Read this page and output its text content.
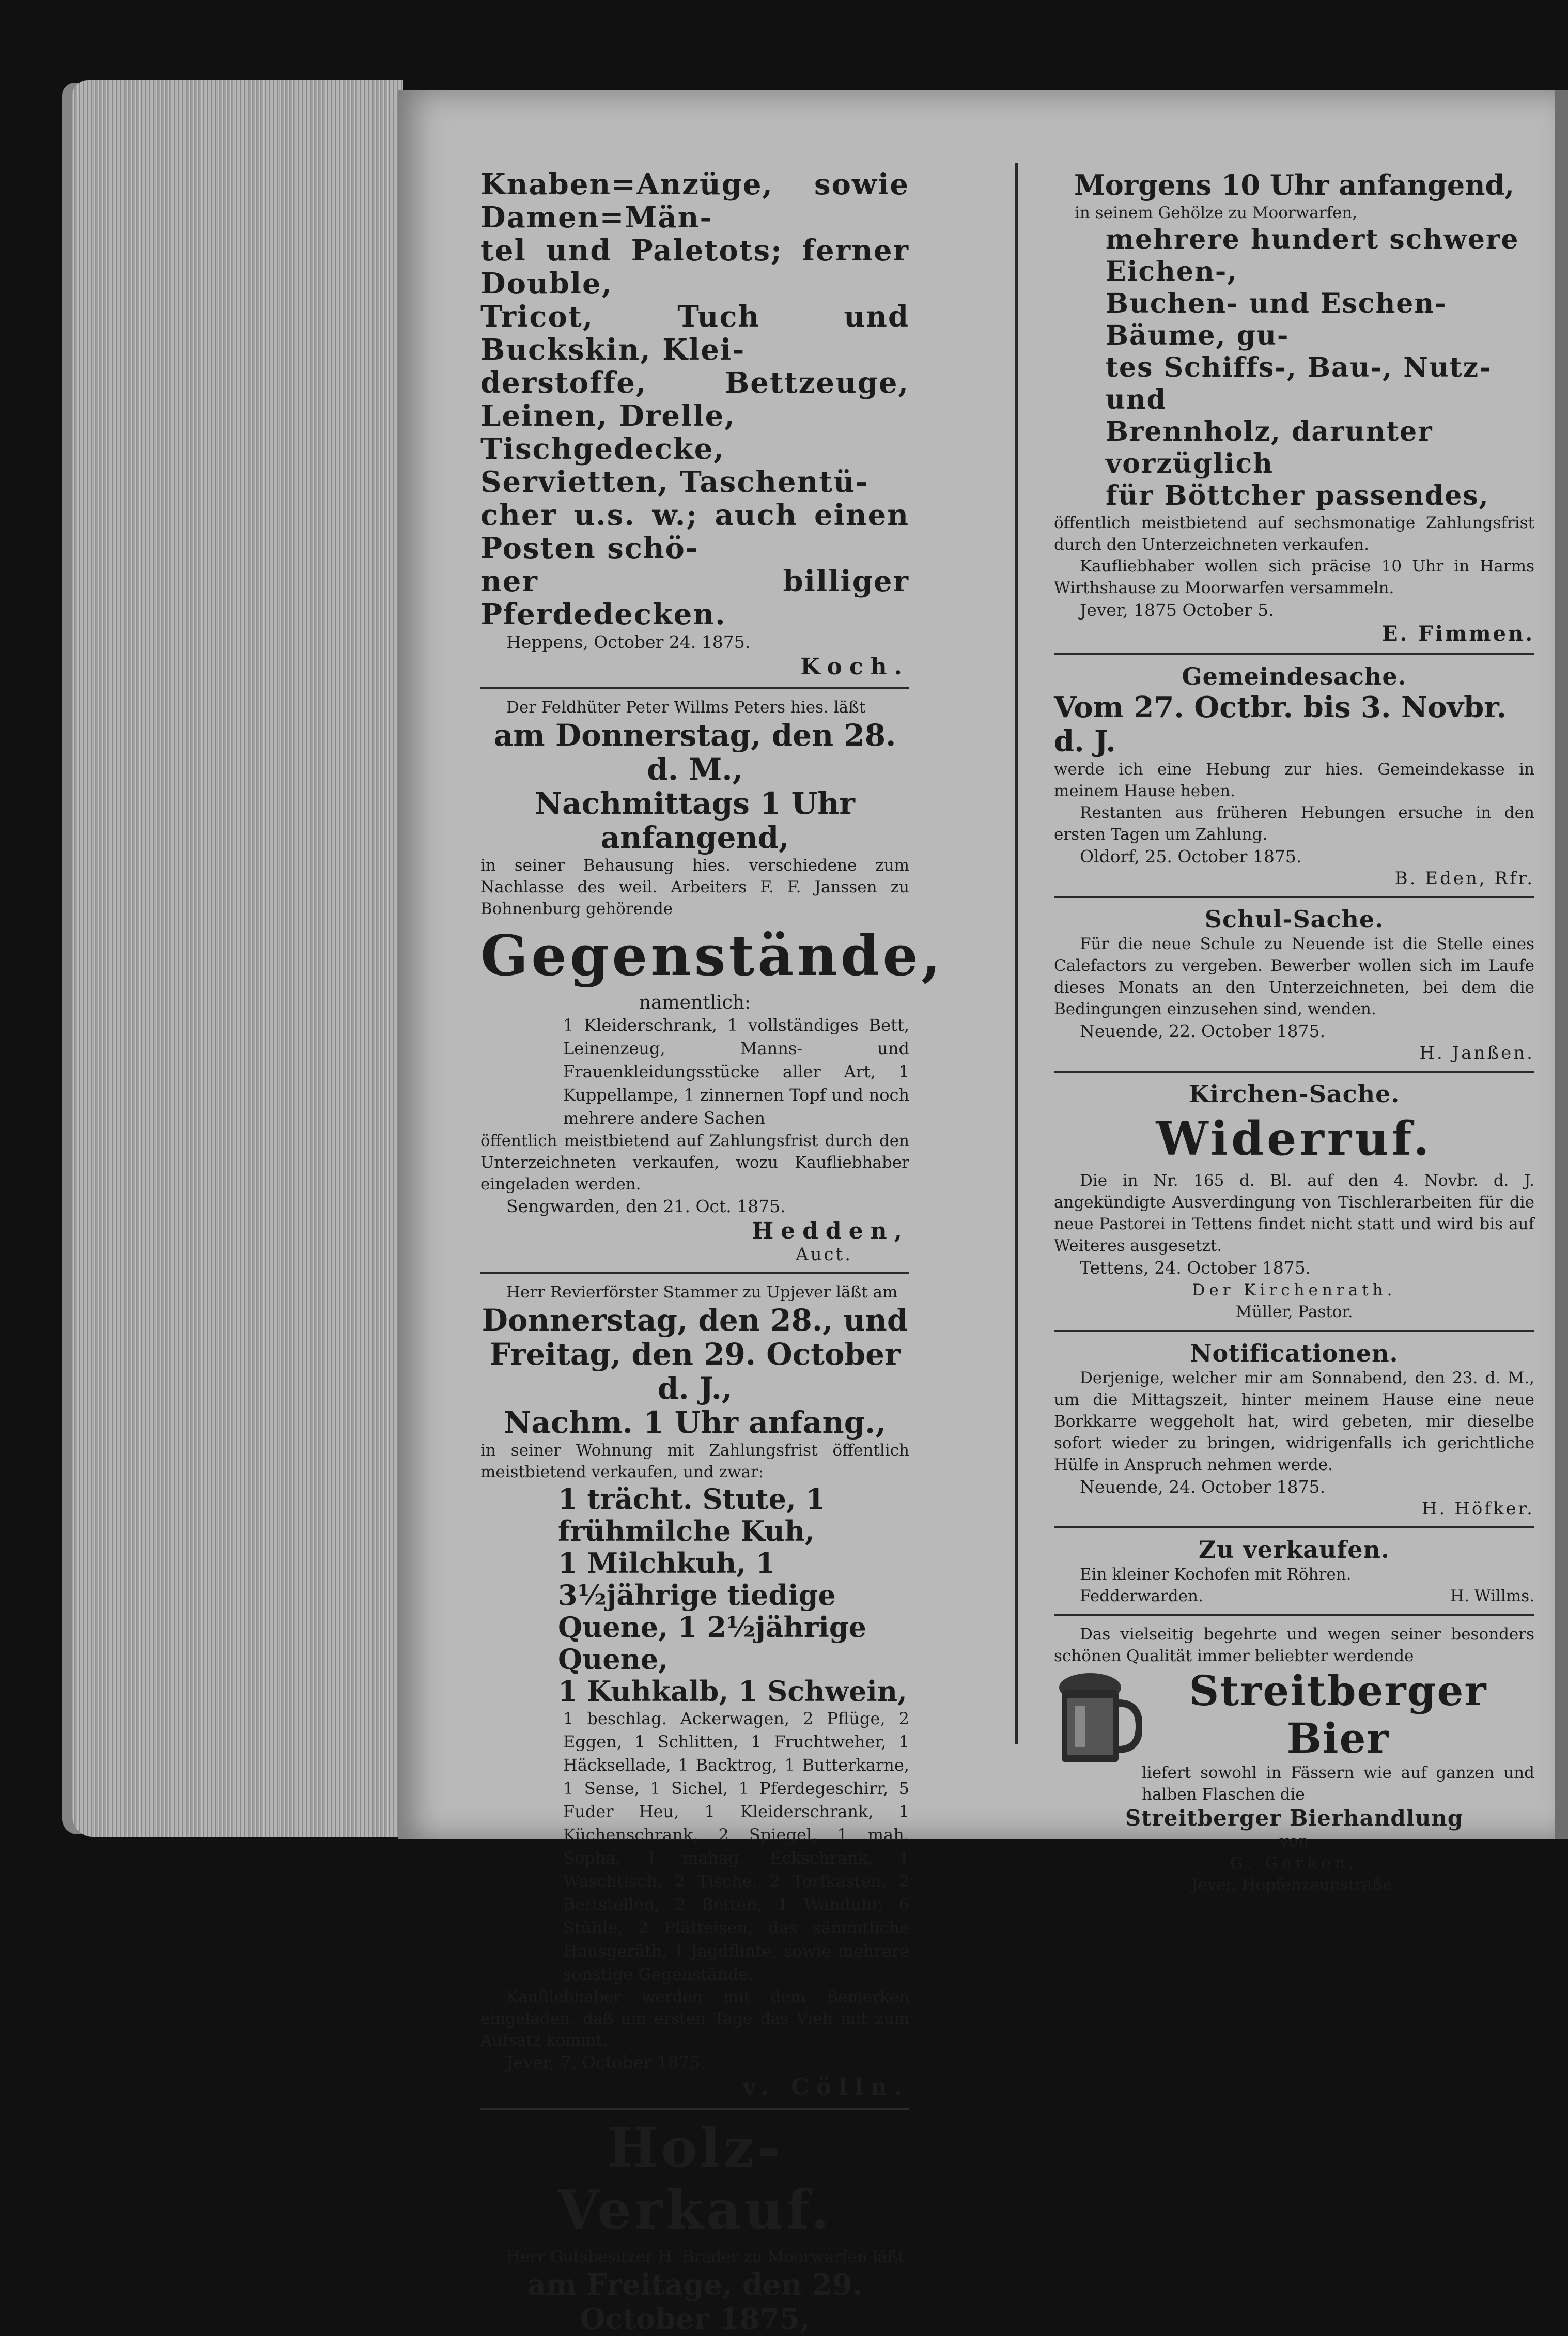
Knaben=Anzüge, sowie Damen=Män-

tel und Paletots; ferner Double,

Tricot, Tuch und Buckskin, Klei-

derstoffe, Bettzeuge, Leinen, Drelle,

Tischgedecke, Servietten, Taschentü-

cher u.s. w.; auch einen Posten schö-

ner billiger Pferdedecken.

Heppens, October 24. 1875.

Koch.

Der Feldhüter Peter Willms Peters hies. läßt

am Donnerstag, den 28. d. M.,

Nachmittags 1 Uhr anfangend,

in seiner Behausung hies. verschiedene zum Nachlasse des weil. Arbeiters F. F. Janssen zu Bohnenburg gehörende

Gegenstände,

namentlich:

1 Kleiderschrank, 1 vollständiges Bett, Leinenzeug, Manns- und Frauenkleidungsstücke aller Art, 1 Kuppellampe, 1 zinnernen Topf und noch mehrere andere Sachen

öffentlich meistbietend auf Zahlungsfrist durch den Unterzeichneten verkaufen, wozu Kaufliebhaber eingeladen werden.

Sengwarden, den 21. Oct. 1875.

Hedden,

Auct.

Herr Revierförster Stammer zu Upjever läßt am

Donnerstag, den 28., und

Freitag, den 29. October d. J.,

Nachm. 1 Uhr anfang.,

in seiner Wohnung mit Zahlungsfrist öffentlich meistbietend verkaufen, und zwar:

1 trächt. Stute, 1 frühmilche Kuh,

1 Milchkuh, 1 3½jährige tiedige

Quene, 1 2½jährige Quene,

1 Kuhkalb, 1 Schwein,

1 beschlag. Ackerwagen, 2 Pflüge, 2 Eggen, 1 Schlitten, 1 Fruchtweher, 1 Häcksellade, 1 Backtrog, 1 Butterkarne, 1 Sense, 1 Sichel, 1 Pferdegeschirr, 5 Fuder Heu, 1 Kleiderschrank, 1 Küchenschrank, 2 Spiegel, 1 mah. Sopha, 1 mahag. Eckschrank, 1 Waschtisch, 2 Tische, 2 Torfkasten, 2 Bettstellen, 2 Betten, 1 Wanduhr, 6 Stühle, 2 Plätteisen, das sämmtliche Hausgeräth, 1 Jagdflinte, sowie mehrere sonstige Gegenstände.

Kaufliebhaber werden mit dem Bemerken eingeladen, daß am ersten Tage das Vieh mit zum Aufsatz kommt.

Jever, 7. October 1875.

v. Cölln.

Holz-Verkauf.

Herr Gutsbesitzer H. Brader zu Moorwarfen läßt

am Freitage, den 29. October 1875,

Morgens 10 Uhr anfangend,

in seinem Gehölze zu Moorwarfen,

mehrere hundert schwere Eichen-,

Buchen- und Eschen-Bäume, gu-

tes Schiffs-, Bau-, Nutz- und

Brennholz, darunter vorzüglich

für Böttcher passendes,

öffentlich meistbietend auf sechsmonatige Zahlungsfrist durch den Unterzeichneten verkaufen.

Kaufliebhaber wollen sich präcise 10 Uhr in Harms Wirthshause zu Moorwarfen versammeln.

Jever, 1875 October 5.

E. Fimmen.

Gemeindesache.

Vom 27. Octbr. bis 3. Novbr. d. J.

werde ich eine Hebung zur hies. Gemeindekasse in meinem Hause heben.

Restanten aus früheren Hebungen ersuche in den ersten Tagen um Zahlung.

Oldorf, 25. October 1875.

B. Eden, Rfr.

Schul-Sache.

Für die neue Schule zu Neuende ist die Stelle eines Calefactors zu vergeben. Bewerber wollen sich im Laufe dieses Monats an den Unterzeichneten, bei dem die Bedingungen einzusehen sind, wenden.

Neuende, 22. October 1875.

H. Janßen.

Kirchen-Sache.

Widerruf.

Die in Nr. 165 d. Bl. auf den 4. Novbr. d. J. angekündigte Ausverdingung von Tischlerarbeiten für die neue Pastorei in Tettens findet nicht statt und wird bis auf Weiteres ausgesetzt.

Tettens, 24. October 1875.

Der Kirchenrath.

Müller, Pastor.

Notificationen.

Derjenige, welcher mir am Sonnabend, den 23. d. M., um die Mittagszeit, hinter meinem Hause eine neue Borkkarre weggeholt hat, wird gebeten, mir dieselbe sofort wieder zu bringen, widrigenfalls ich gerichtliche Hülfe in Anspruch nehmen werde.

Neuende, 24. October 1875.

H. Höfker.

Zu verkaufen.

Ein kleiner Kochofen mit Röhren.

Fedderwarden.	H. Willms.

Das vielseitig begehrte und wegen seiner besonders schönen Qualität immer beliebter werdende

Streitberger Bier

liefert sowohl in Fässern wie auf ganzen und halben Flaschen die

Streitberger Bierhandlung

von

G. Gerken,

Jever, Hopfenzaunstraße.
